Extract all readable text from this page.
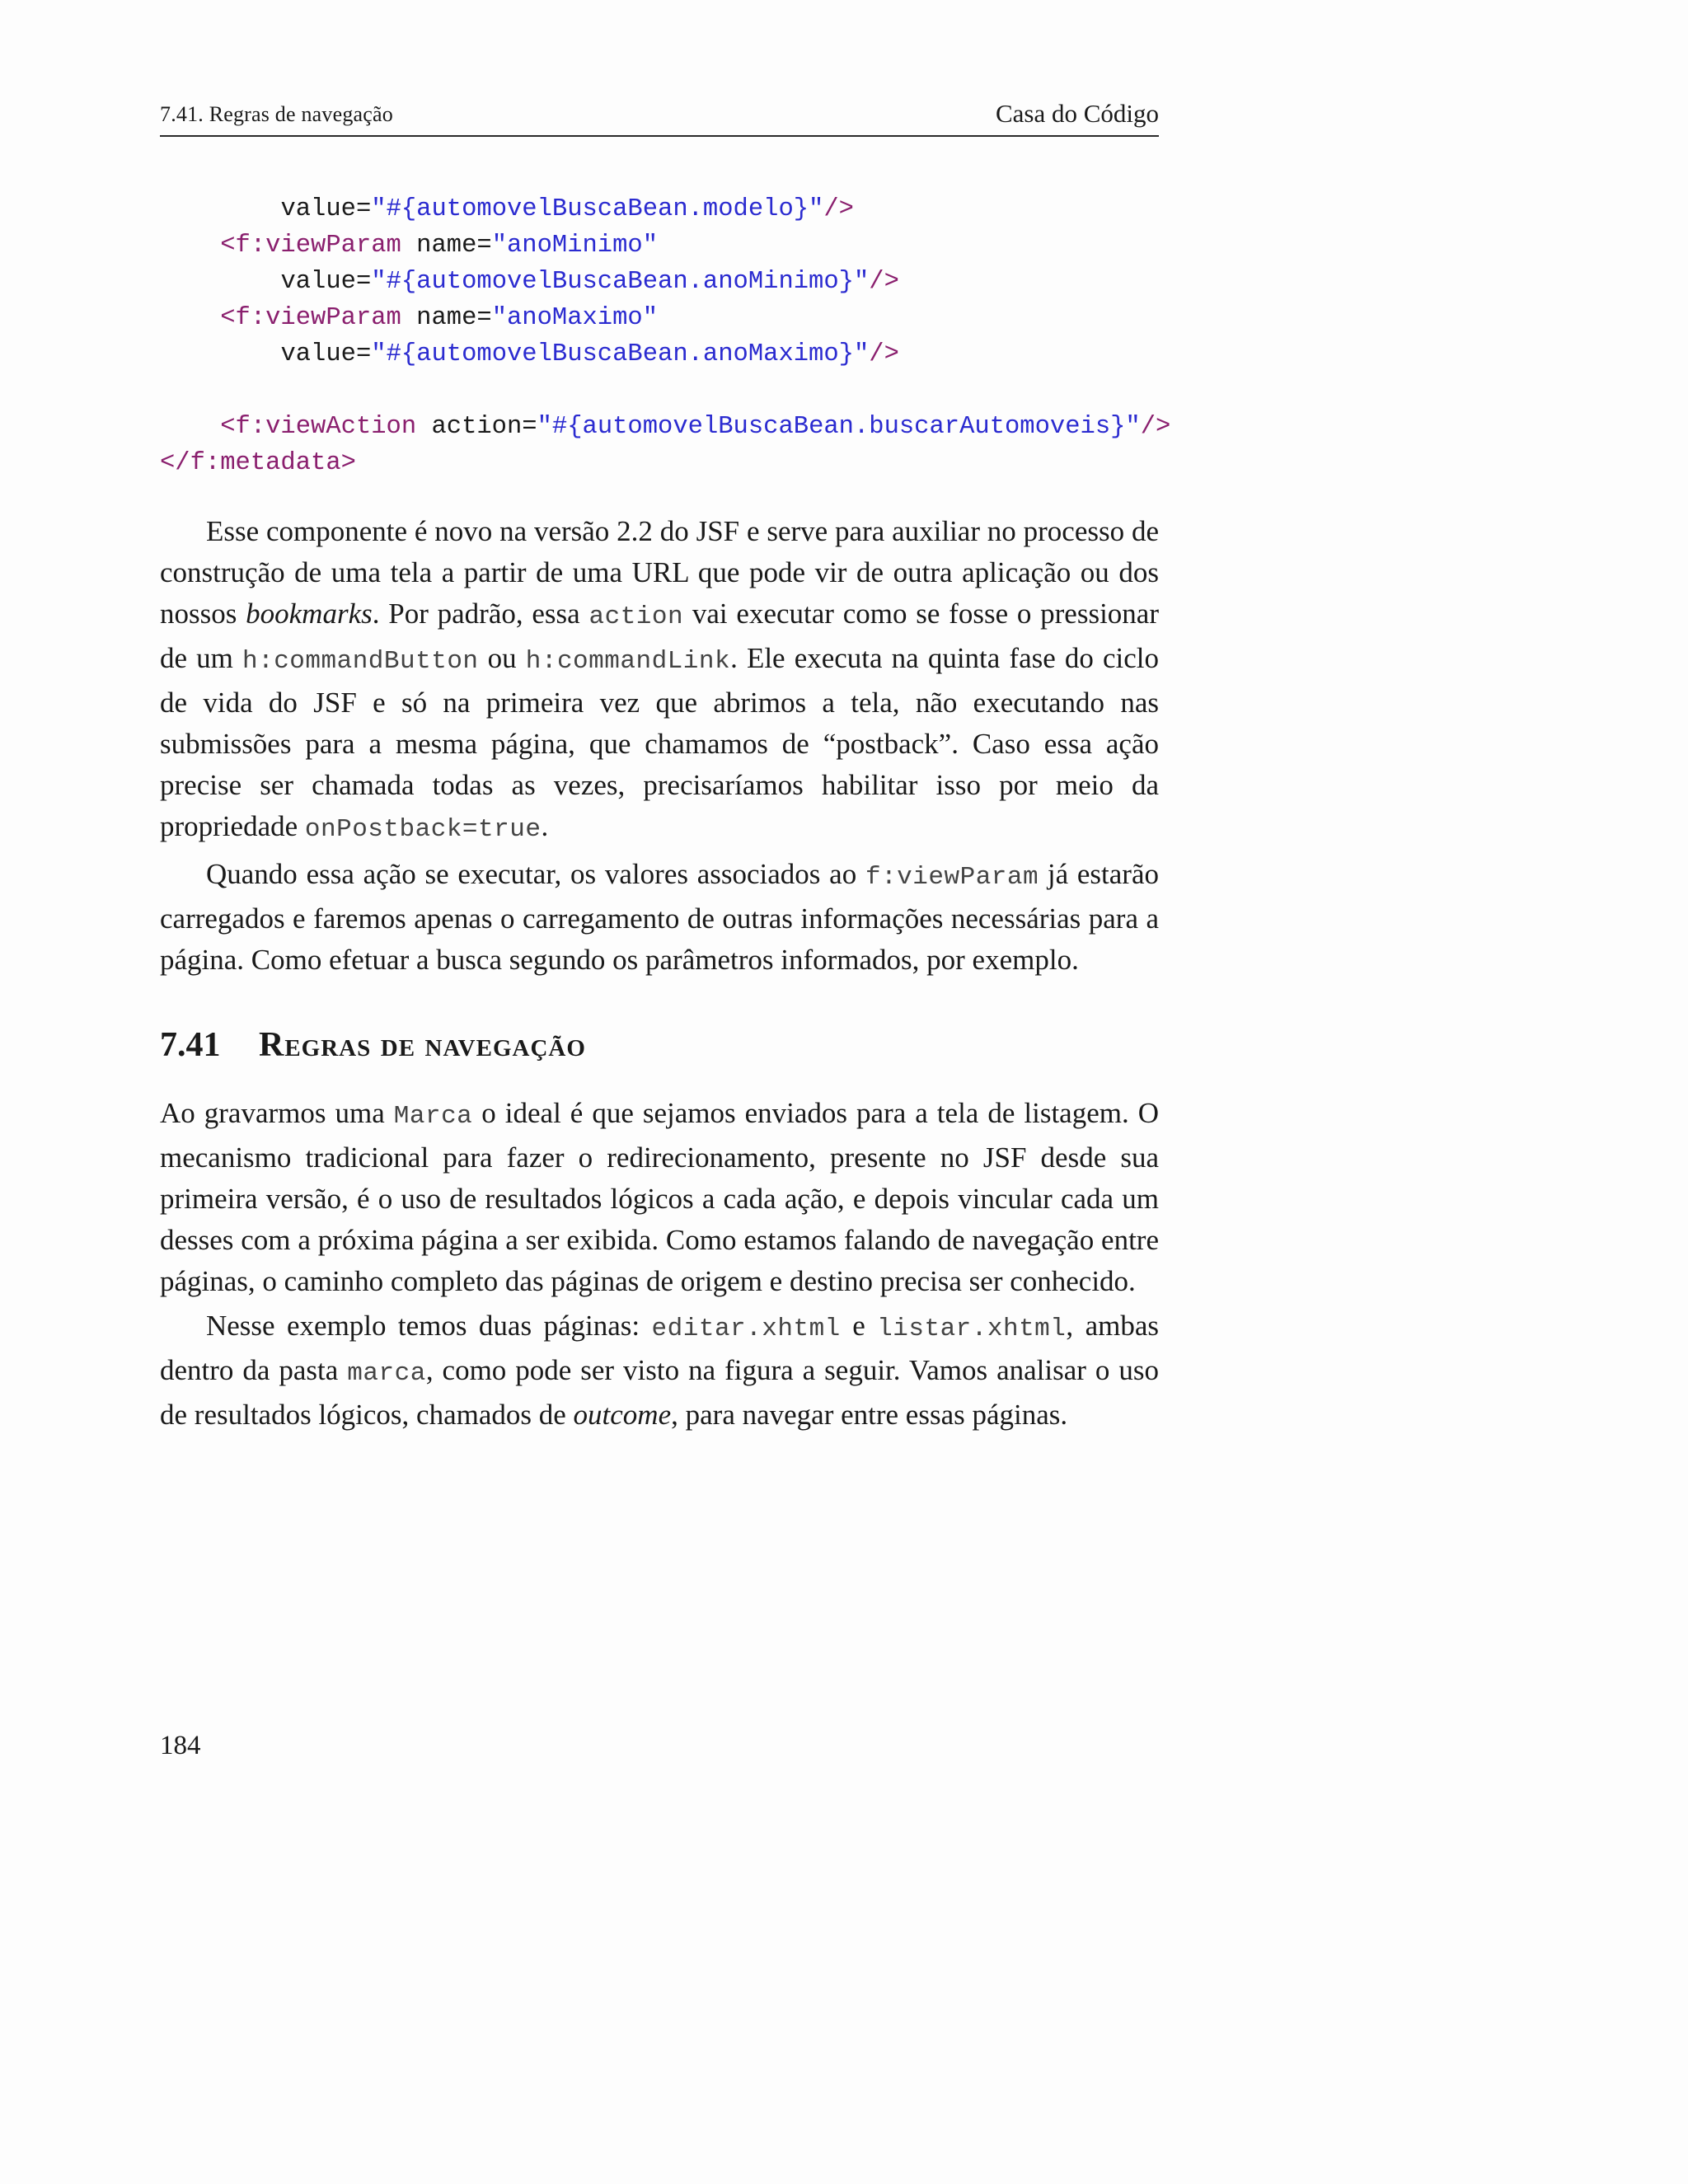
7.41. Regras de navegação	Casa do Código
value="#{automovelBuscaBean.modelo}"/>
<f:viewParam name="anoMinimo"
value="#{automovelBuscaBean.anoMinimo}"/>
<f:viewParam name="anoMaximo"
value="#{automovelBuscaBean.anoMaximo}"/>

<f:viewAction action="#{automovelBuscaBean.buscarAutomoveis}"/>
</f:metadata>

Esse componente é novo na versão 2.2 do JSF e serve para auxiliar no processo de construção de uma tela a partir de uma URL que pode vir de outra aplicação ou dos nossos bookmarks. Por padrão, essa action vai executar como se fosse o pressionar de um h:commandButton ou h:commandLink. Ele executa na quinta fase do ciclo de vida do JSF e só na primeira vez que abrimos a tela, não executando nas submissões para a mesma página, que chamamos de “postback”. Caso essa ação precise ser chamada todas as vezes, precisaríamos habilitar isso por meio da propriedade onPostback=true.

Quando essa ação se executar, os valores associados ao f:viewParam já estarão carregados e faremos apenas o carregamento de outras informações necessárias para a página. Como efetuar a busca segundo os parâmetros informados, por exemplo.

7.41 Regras de navegação

Ao gravarmos uma Marca o ideal é que sejamos enviados para a tela de listagem. O mecanismo tradicional para fazer o redirecionamento, presente no JSF desde sua primeira versão, é o uso de resultados lógicos a cada ação, e depois vincular cada um desses com a próxima página a ser exibida. Como estamos falando de navegação entre páginas, o caminho completo das páginas de origem e destino precisa ser conhecido.

Nesse exemplo temos duas páginas: editar.xhtml e listar.xhtml, ambas dentro da pasta marca, como pode ser visto na figura a seguir. Vamos analisar o uso de resultados lógicos, chamados de outcome, para navegar entre essas páginas.

184
